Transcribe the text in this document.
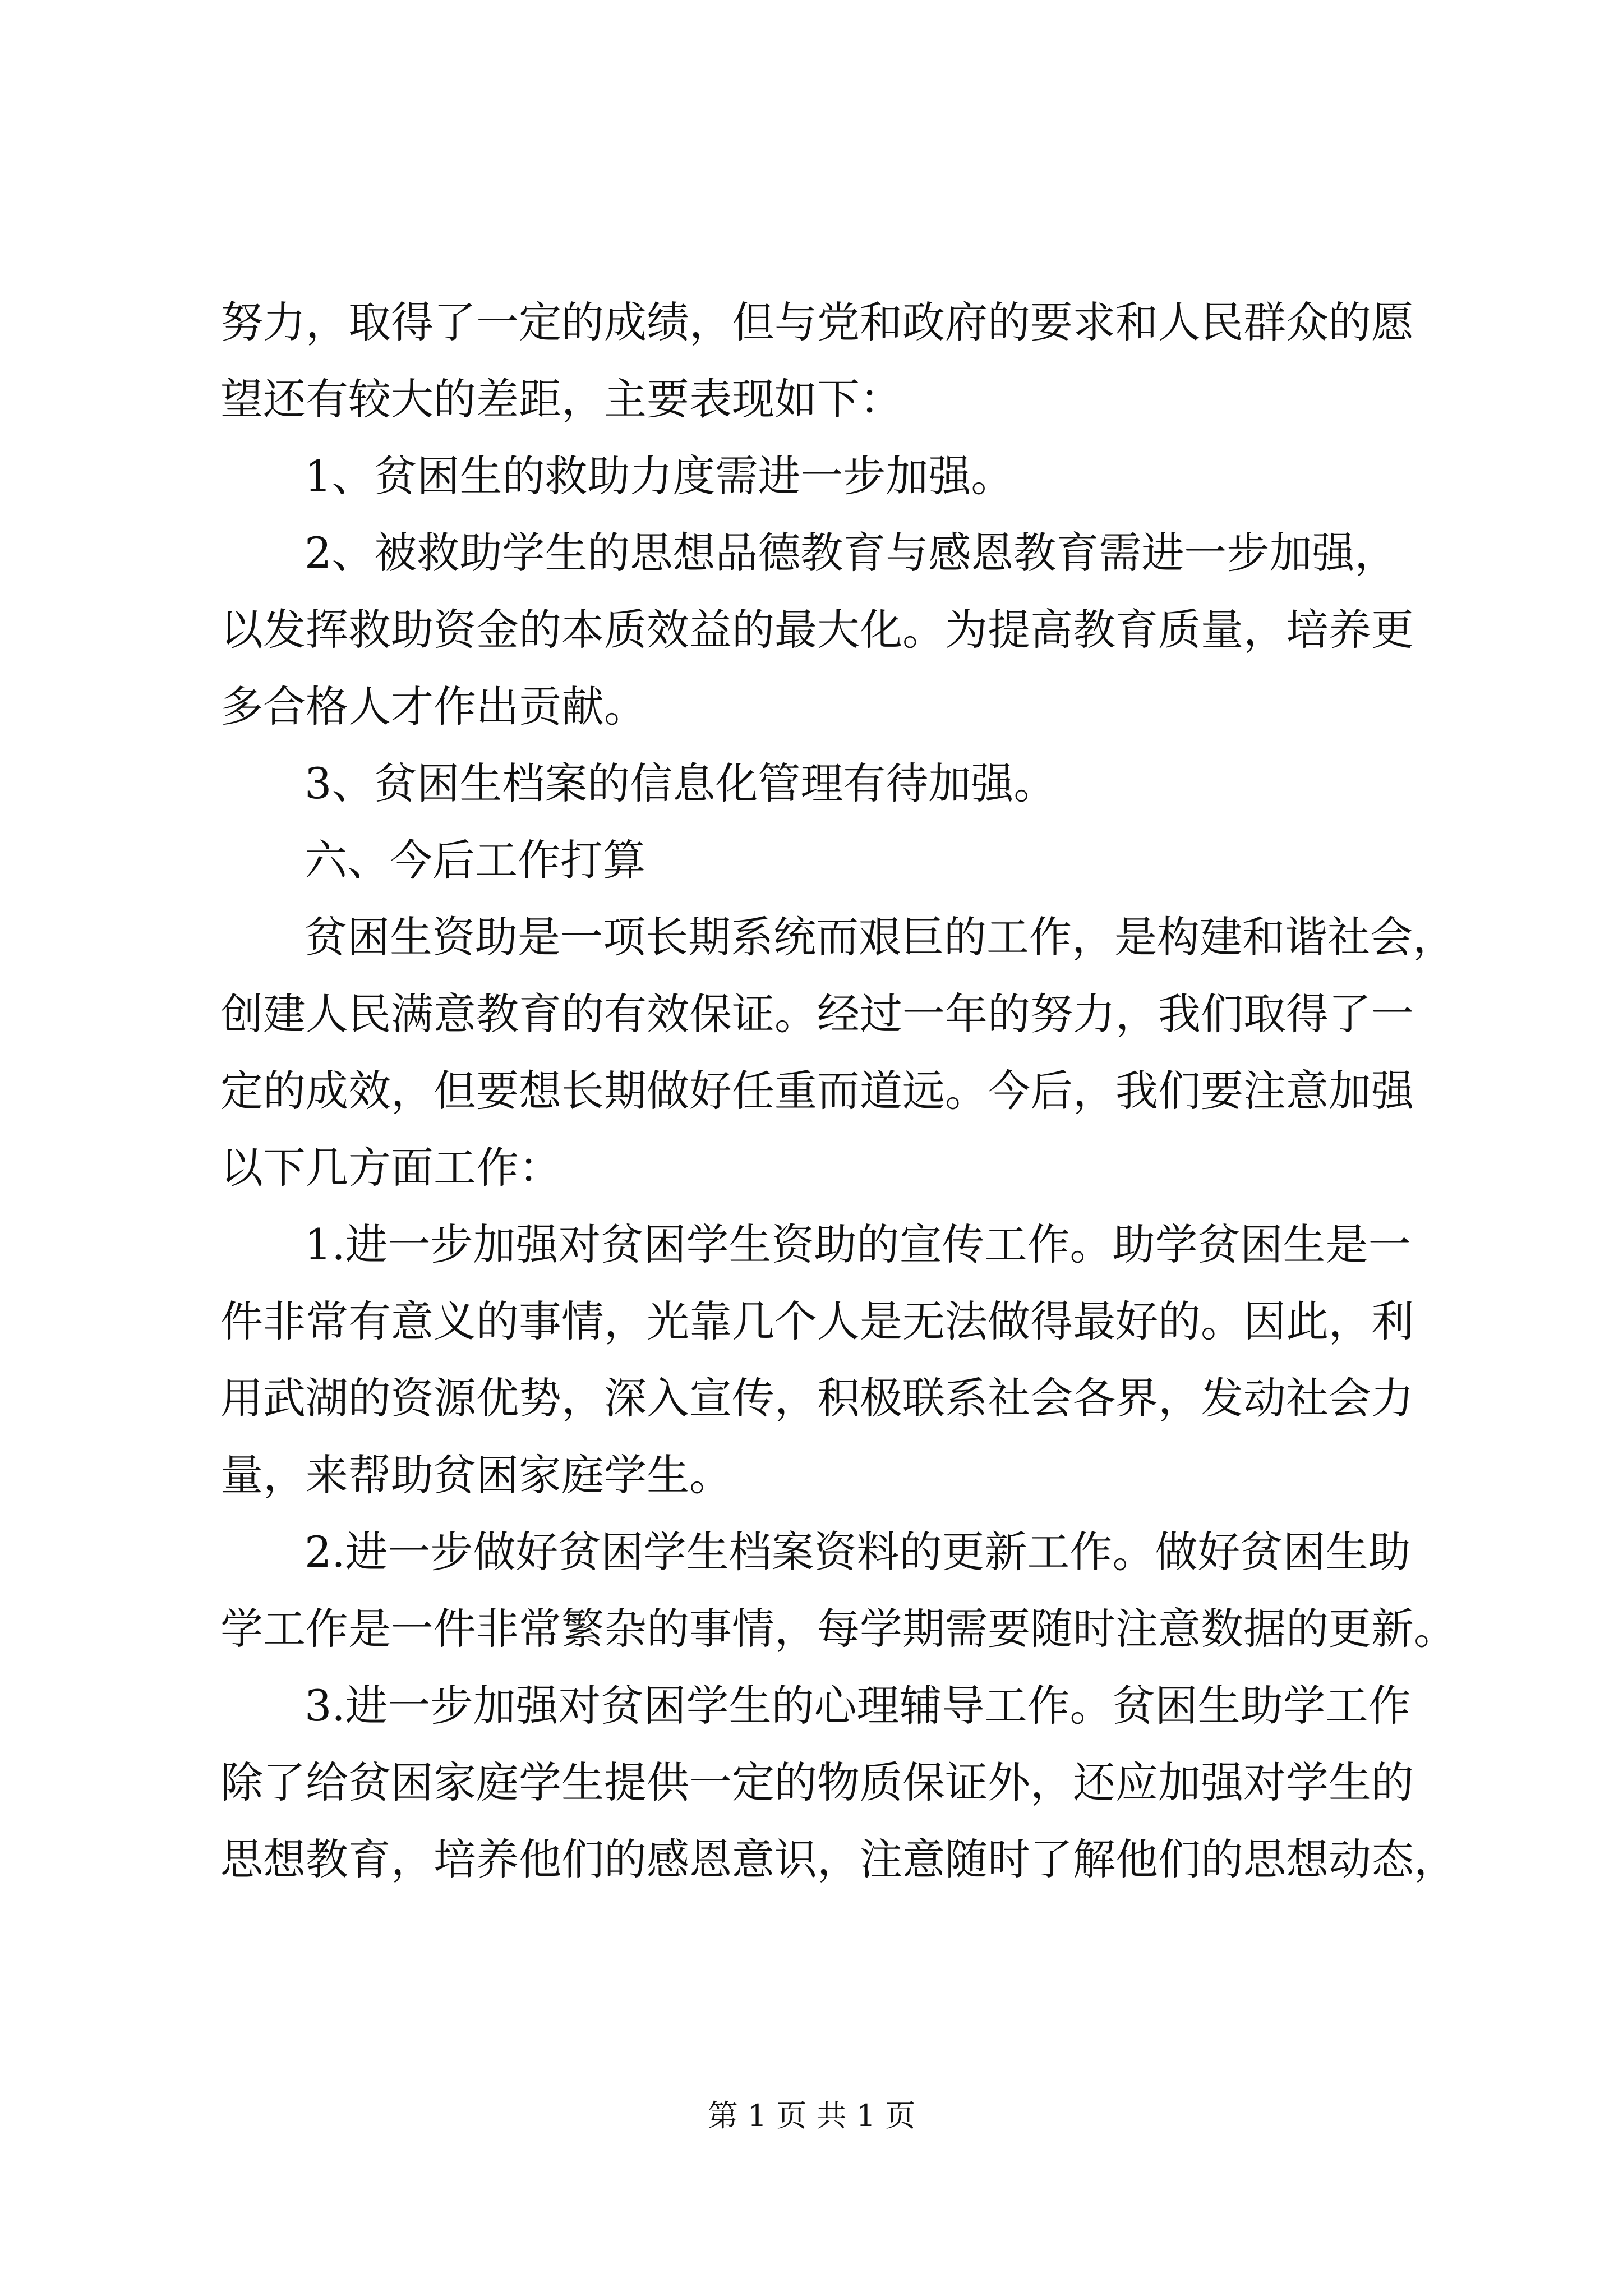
努力，取得了一定的成绩，但与党和政府的要求和人民群众的愿
望还有较大的差距，主要表现如下：
1、贫困生的救助力度需进一步加强。
2、被救助学生的思想品德教育与感恩教育需进一步加强，
以发挥救助资金的本质效益的最大化。为提高教育质量，培养更
多合格人才作出贡献。
3、贫困生档案的信息化管理有待加强。
六、今后工作打算
贫困生资助是一项长期系统而艰巨的工作，是构建和谐社会，
创建人民满意教育的有效保证。经过一年的努力，我们取得了一
定的成效，但要想长期做好任重而道远。今后，我们要注意加强
以下几方面工作：
1.进一步加强对贫困学生资助的宣传工作。助学贫困生是一
件非常有意义的事情，光靠几个人是无法做得最好的。因此，利
用武湖的资源优势，深入宣传，积极联系社会各界，发动社会力
量，来帮助贫困家庭学生。
2.进一步做好贫困学生档案资料的更新工作。做好贫困生助
学工作是一件非常繁杂的事情，每学期需要随时注意数据的更新。
3.进一步加强对贫困学生的心理辅导工作。贫困生助学工作
除了给贫困家庭学生提供一定的物质保证外，还应加强对学生的
思想教育，培养他们的感恩意识，注意随时了解他们的思想动态，
第 1 页 共 1 页
